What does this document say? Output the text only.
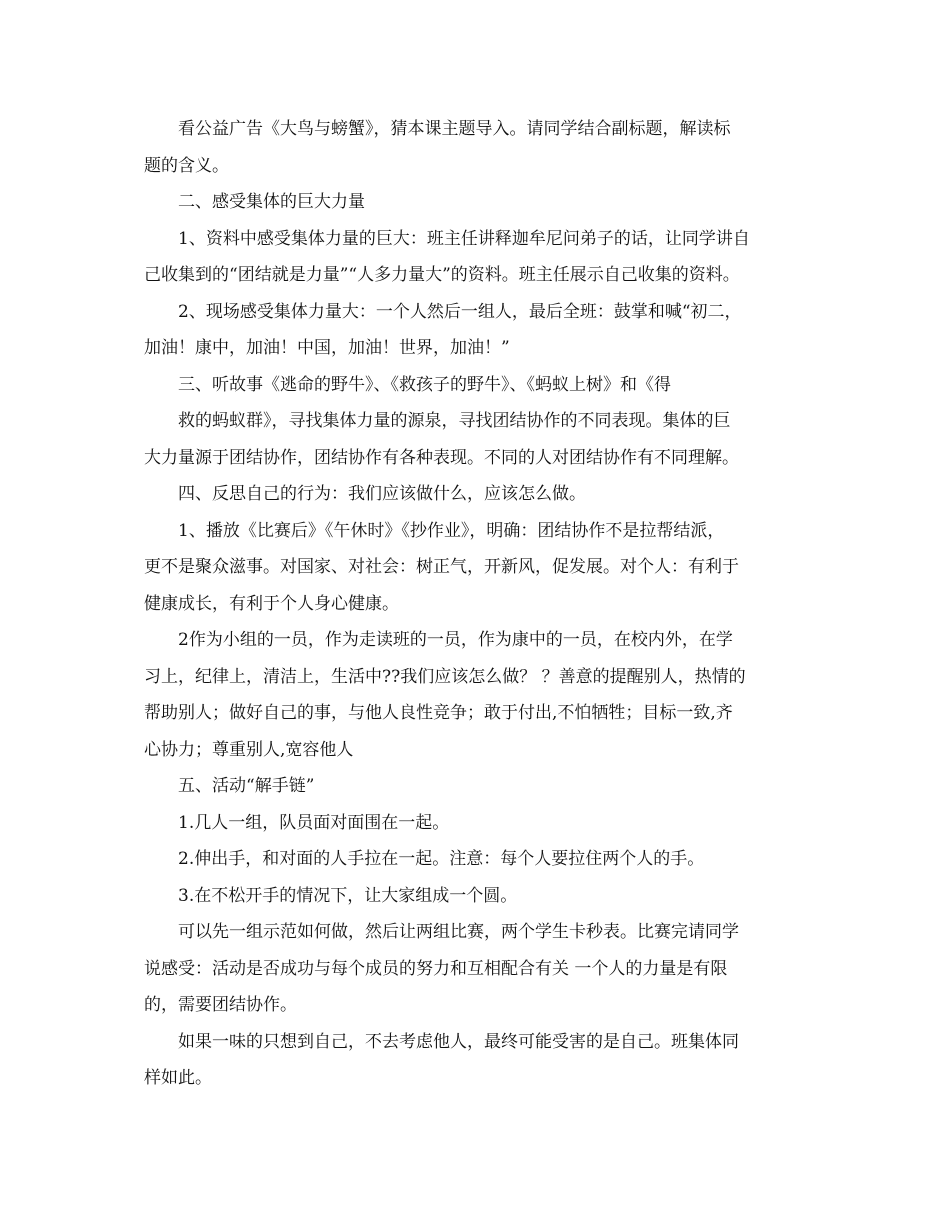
看公益广告《大鸟与螃蟹》，猜本课主题导入。请同学结合副标题，解读标
题的含义。
二、感受集体的巨大力量
1、资料中感受集体力量的巨大：班主任讲释迦牟尼问弟子的话，让同学讲自
己收集到的“团结就是力量”“人多力量大”的资料。班主任展示自己收集的资料。
2、现场感受集体力量大：一个人然后一组人，最后全班：鼓掌和喊“初二，
加油！康中，加油！中国，加油！世界，加油！”
三、听故事《逃命的野牛》、《救孩子的野牛》、《蚂蚁上树》和《得
救的蚂蚁群》，寻找集体力量的源泉，寻找团结协作的不同表现。集体的巨
大力量源于团结协作，团结协作有各种表现。不同的人对团结协作有不同理解。
四、反思自己的行为：我们应该做什么，应该怎么做。
1、播放《比赛后》《午休时》《抄作业》，明确：团结协作不是拉帮结派，
更不是聚众滋事。对国家、对社会：树正气，开新风，促发展。对个人：有利于
健康成长，有利于个人身心健康。
2作为小组的一员，作为走读班的一员，作为康中的一员，在校内外，在学
习上，纪律上，清洁上，生活中??我们应该怎么做？ ？善意的提醒别人，热情的
帮助别人；做好自己的事，与他人良性竞争；敢于付出,不怕牺牲；目标一致,齐
心协力；尊重别人,宽容他人
五、活动“解手链”
1.几人一组，队员面对面围在一起。
2.伸出手，和对面的人手拉在一起。注意：每个人要拉住两个人的手。
3.在不松开手的情况下，让大家组成一个圆。
可以先一组示范如何做，然后让两组比赛，两个学生卡秒表。比赛完请同学
说感受：活动是否成功与每个成员的努力和互相配合有关 一个人的力量是有限
的，需要团结协作。
如果一味的只想到自己，不去考虑他人，最终可能受害的是自己。班集体同
样如此。
